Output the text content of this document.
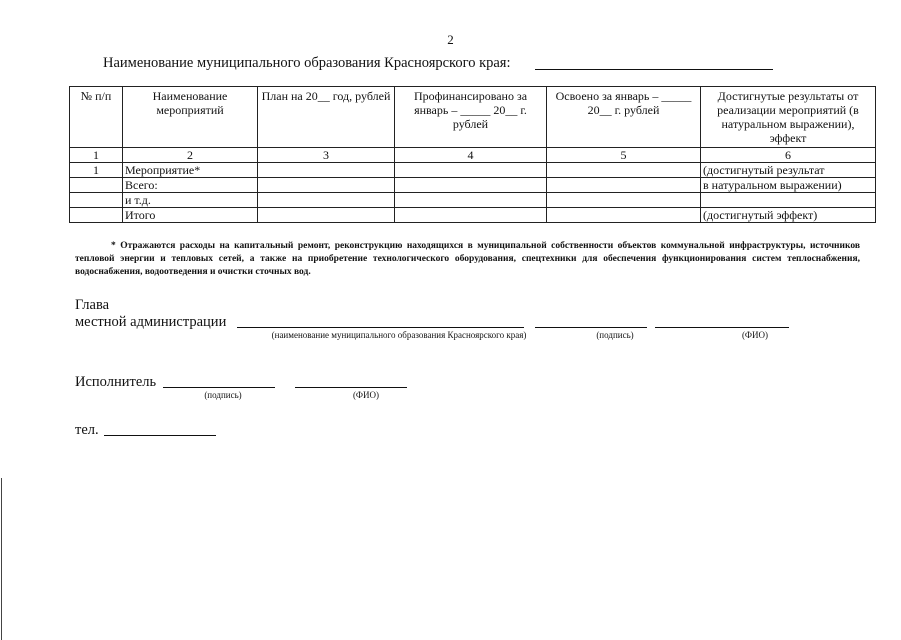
2
Наименование муниципального образования Красноярского края:
№ п/п	Наименование мероприятий	План на 20__ год, рублей	Профинансировано за январь – _____ 20__ г. рублей	Освоено за январь – _____ 20__ г. рублей	Достигнутые результаты от реализации мероприятий (в натуральном выражении), эффект
1	2	3	4	5	6
1	Мероприятие*				(достигнутый результат
	Всего:				в натуральном выражении)
	и т.д.				
	Итого				(достигнутый эффект)
* Отражаются расходы на капитальный ремонт, реконструкцию находящихся в муниципальной собственности объектов коммунальной инфраструктуры, источников тепловой энергии и тепловых сетей, а также на приобретение технологического оборудования, спецтехники для обеспечения функционирования систем теплоснабжения, водоснабжения, водоотведения и очистки сточных вод.
Глава
местной администрации
(наименование муниципального образования Красноярского края)	(подпись)	(ФИО)
Исполнитель
(подпись)	(ФИО)
тел.
